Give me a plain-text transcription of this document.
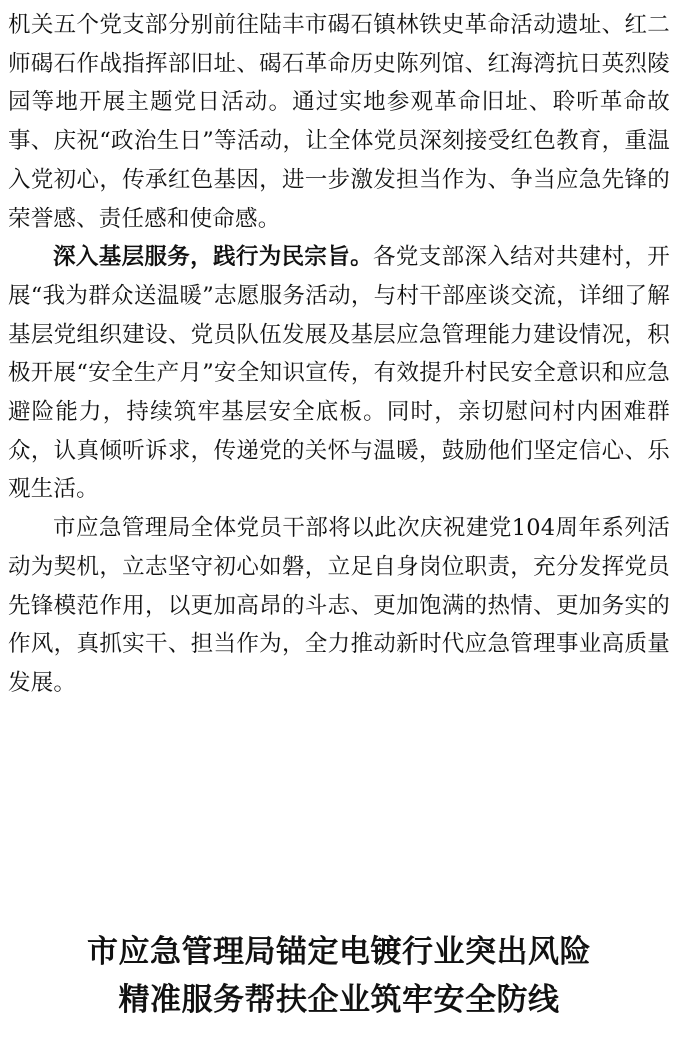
机关五个党支部分别前往陆丰市碣石镇林铁史革命活动遗址、红二师碣石作战指挥部旧址、碣石革命历史陈列馆、红海湾抗日英烈陵园等地开展主题党日活动。通过实地参观革命旧址、聆听革命故事、庆祝“政治生日”等活动，让全体党员深刻接受红色教育，重温入党初心，传承红色基因，进一步激发担当作为、争当应急先锋的荣誉感、责任感和使命感。

深入基层服务，践行为民宗旨。各党支部深入结对共建村，开展“我为群众送温暖”志愿服务活动，与村干部座谈交流，详细了解基层党组织建设、党员队伍发展及基层应急管理能力建设情况，积极开展“安全生产月”安全知识宣传，有效提升村民安全意识和应急避险能力，持续筑牢基层安全底板。同时，亲切慰问村内困难群众，认真倾听诉求，传递党的关怀与温暖，鼓励他们坚定信心、乐观生活。

市应急管理局全体党员干部将以此次庆祝建党104周年系列活动为契机，立志坚守初心如磐，立足自身岗位职责，充分发挥党员先锋模范作用，以更加高昂的斗志、更加饱满的热情、更加务实的作风，真抓实干、担当作为，全力推动新时代应急管理事业高质量发展。

市应急管理局锚定电镀行业突出风险
精准服务帮扶企业筑牢安全防线
